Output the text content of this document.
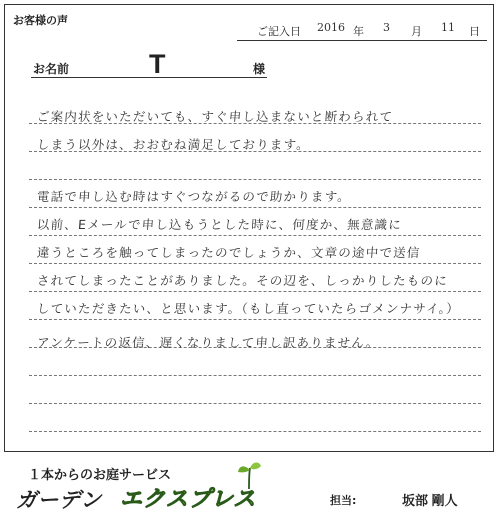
お客様の声
ご記入日 2016 年 3 月 11 日
お名前	T	様
ご案内状をいただいても、すぐ申し込まないと断わられて
しまう以外は、おおむね満足しております。
電話で申し込む時はすぐつながるので助かります。
以前、Eメールで申し込もうとした時に、何度か、無意識に
違うところを触ってしまったのでしょうか、文章の途中で送信
されてしまったことがありました。その辺を、しっかりしたものに
していただきたい、と思います。（もし直っていたらゴメンナサイ。）
アンケートの返信、遅くなりまして申し訳ありません。
１本からのお庭サービス
ガーデン エクスプレス	担当:	坂部 剛人
